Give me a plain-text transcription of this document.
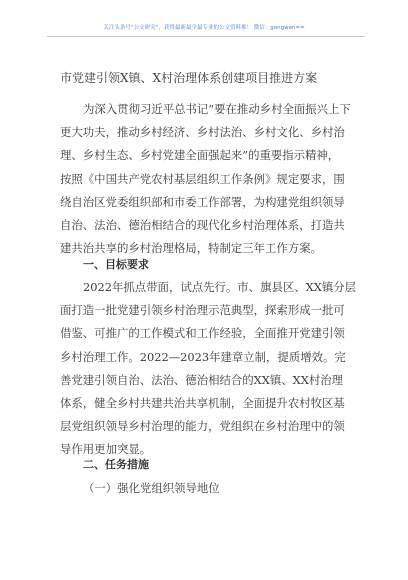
关注头条号“公文研究”，获得最新最全最专业的公文资料推！ 微信：gongwen==
市党建引领X镇、X村治理体系创建项目推进方案
为深入贯彻习近平总书记“要在推动乡村全面振兴上下
更大功夫，推动乡村经济、乡村法治、乡村文化、乡村治
理、乡村生态、乡村党建全面强起来”的重要指示精神，
按照《中国共产党农村基层组织工作条例》规定要求，围
绕自治区党委组织部和市委工作部署，为构建党组织领导
自治、法治、德治相结合的现代化乡村治理体系，打造共
建共治共享的乡村治理格局，特制定三年工作方案。
一、目标要求
2022年抓点带面，试点先行。市、旗县区、XX镇分层
面打造一批党建引领乡村治理示范典型，探索形成一批可
借鉴、可推广的工作模式和工作经验，全面推开党建引领
乡村治理工作。2022—2023年建章立制，提质增效。完
善党建引领自治、法治、德治相结合的XX镇、XX村治理
体系，健全乡村共建共治共享机制，全面提升农村牧区基
层党组织领导乡村治理的能力，党组织在乡村治理中的领
导作用更加突显。
二、任务措施
（一）强化党组织领导地位
